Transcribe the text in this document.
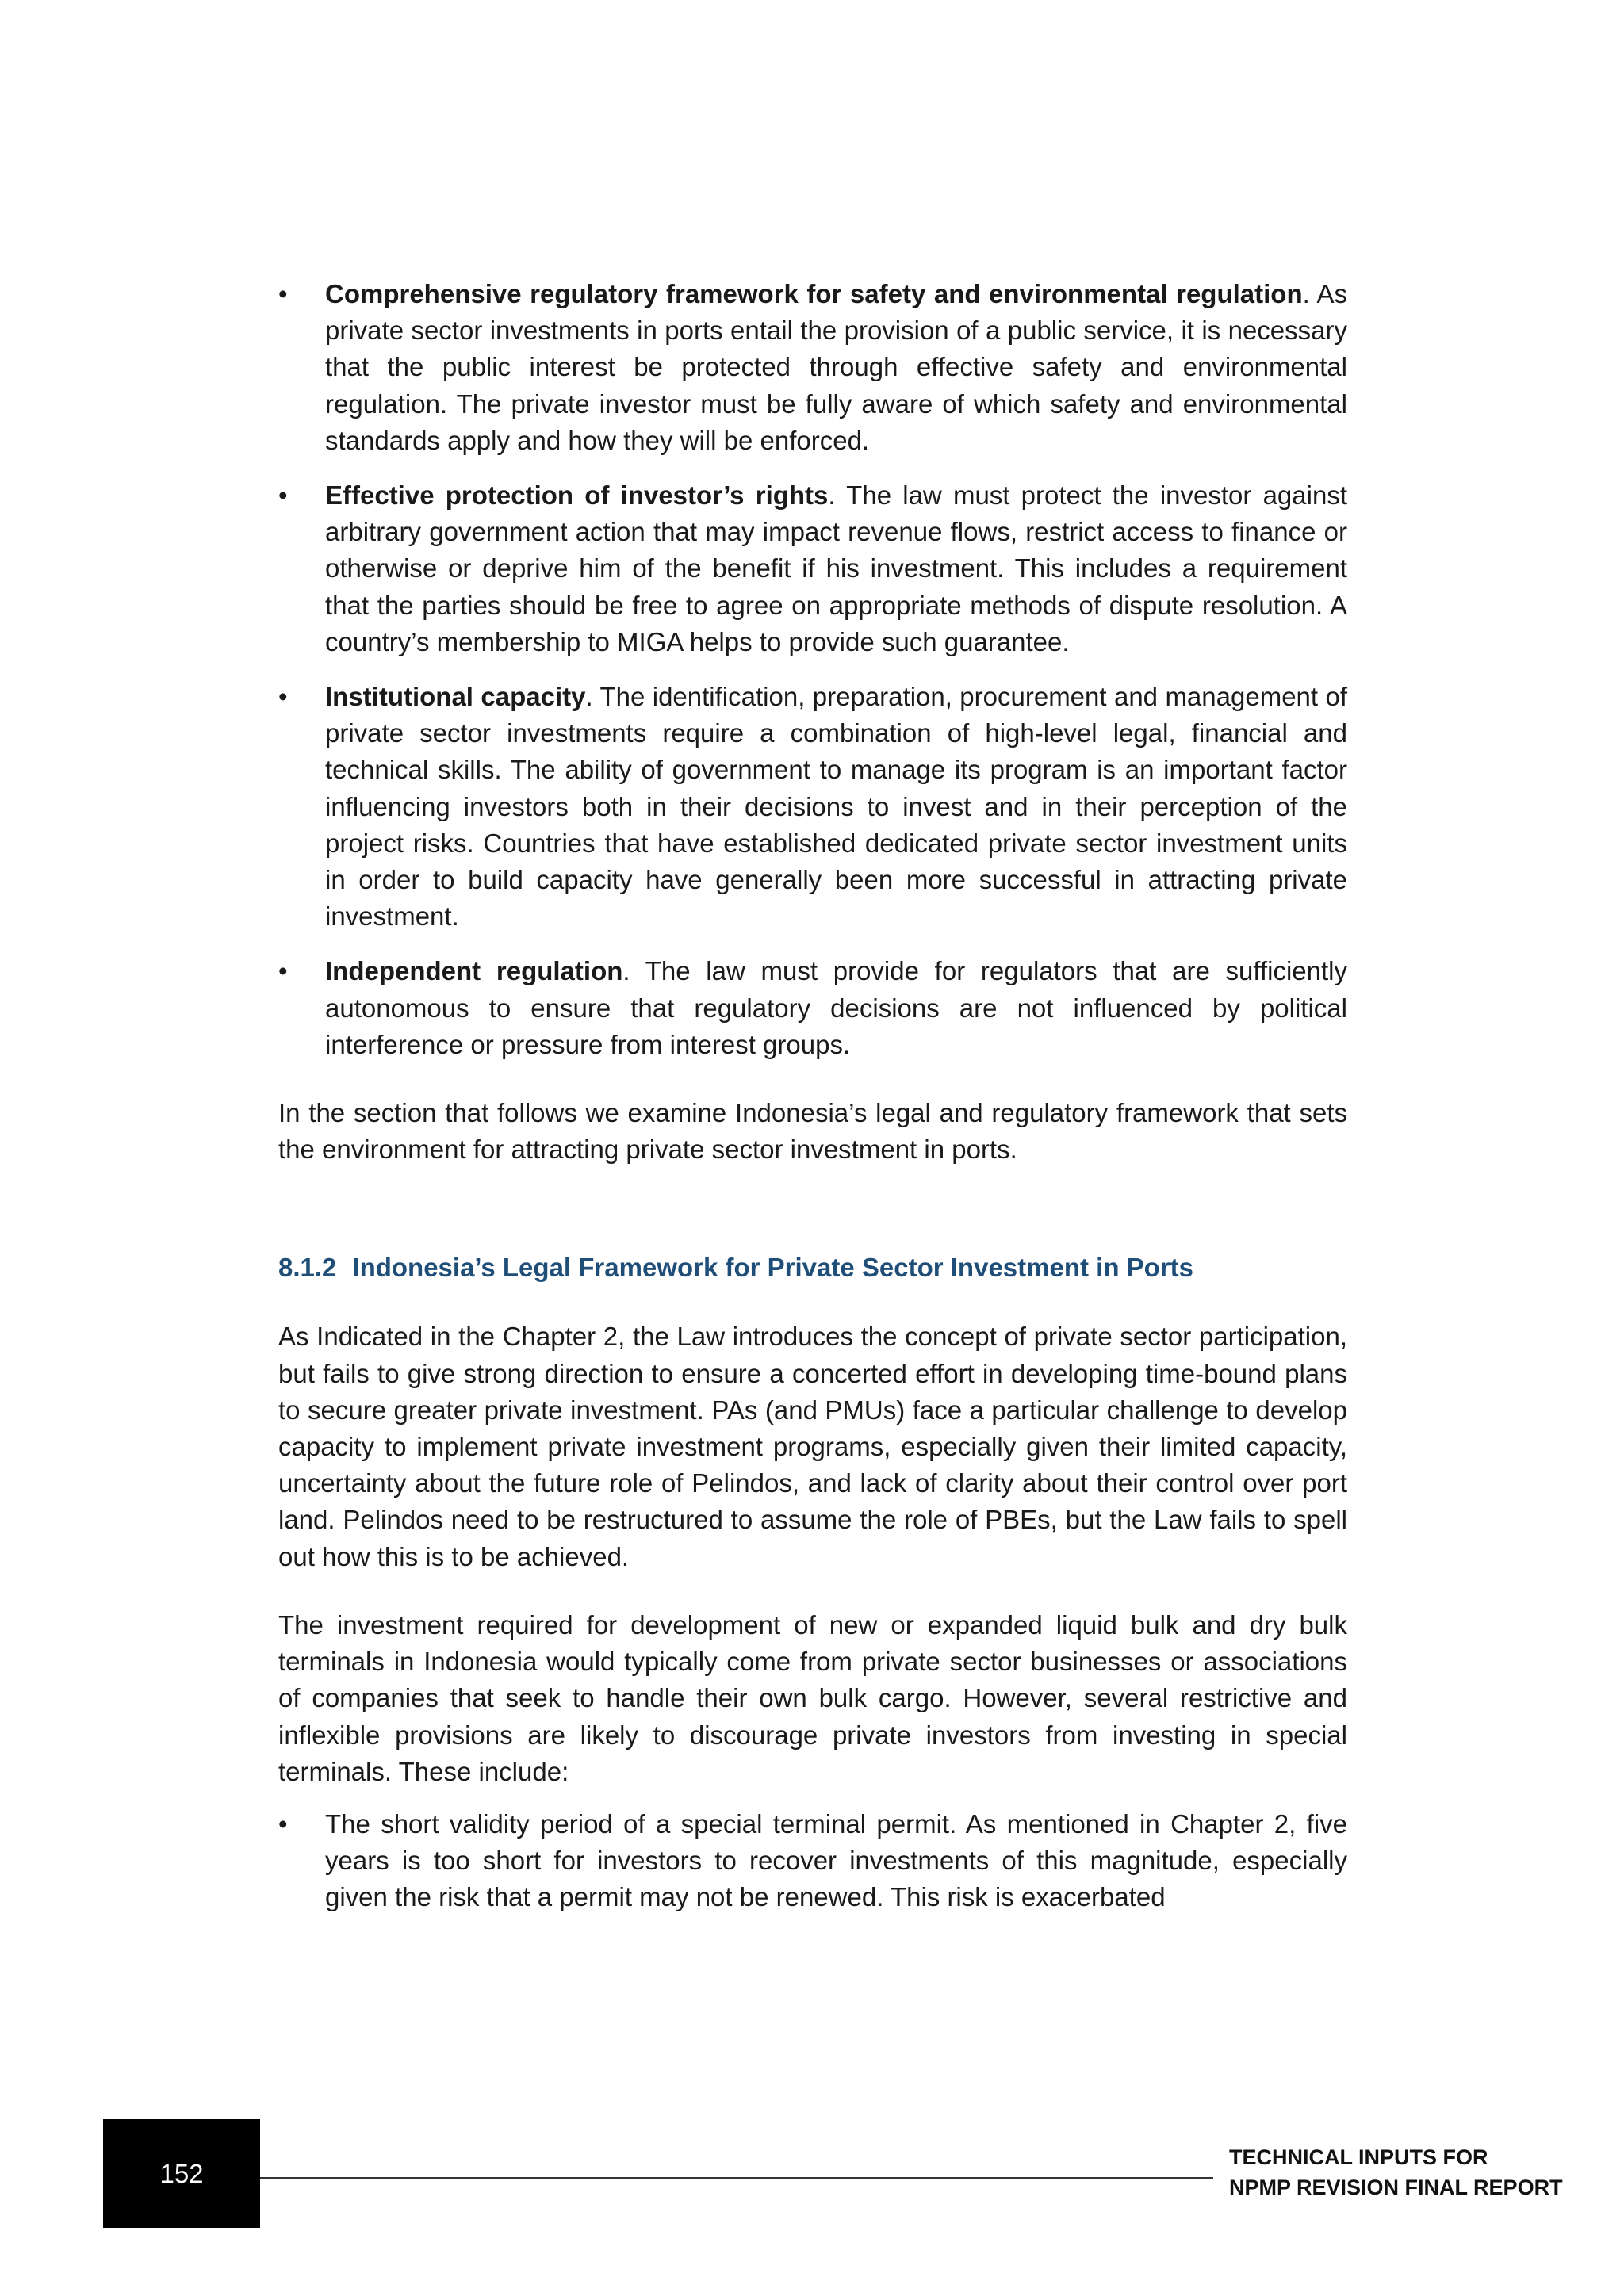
• Comprehensive regulatory framework for safety and environmental regulation. As private sector investments in ports entail the provision of a public service, it is necessary that the public interest be protected through effective safety and environmental regulation. The private investor must be fully aware of which safety and environmental standards apply and how they will be enforced.
• Effective protection of investor’s rights. The law must protect the investor against arbitrary government action that may impact revenue flows, restrict access to finance or otherwise or deprive him of the benefit if his investment. This includes a requirement that the parties should be free to agree on appropriate methods of dispute resolution. A country’s membership to MIGA helps to provide such guarantee.
• Institutional capacity. The identification, preparation, procurement and management of private sector investments require a combination of high-level legal, financial and technical skills. The ability of government to manage its program is an important factor influencing investors both in their decisions to invest and in their perception of the project risks. Countries that have established dedicated private sector investment units in order to build capacity have generally been more successful in attracting private investment.
• Independent regulation. The law must provide for regulators that are sufficiently autonomous to ensure that regulatory decisions are not influenced by political interference or pressure from interest groups.

In the section that follows we examine Indonesia’s legal and regulatory framework that sets the environment for attracting private sector investment in ports.

8.1.2 Indonesia’s Legal Framework for Private Sector Investment in Ports

As Indicated in the Chapter 2, the Law introduces the concept of private sector participation, but fails to give strong direction to ensure a concerted effort in developing time-bound plans to secure greater private investment. PAs (and PMUs) face a particular challenge to develop capacity to implement private investment programs, especially given their limited capacity, uncertainty about the future role of Pelindos, and lack of clarity about their control over port land. Pelindos need to be restructured to assume the role of PBEs, but the Law fails to spell out how this is to be achieved.

The investment required for development of new or expanded liquid bulk and dry bulk terminals in Indonesia would typically come from private sector businesses or associations of companies that seek to handle their own bulk cargo. However, several restrictive and inflexible provisions are likely to discourage private investors from investing in special terminals. These include:

• The short validity period of a special terminal permit. As mentioned in Chapter 2, five years is too short for investors to recover investments of this magnitude, especially given the risk that a permit may not be renewed. This risk is exacerbated
152
TECHNICAL INPUTS FOR
NPMP REVISION FINAL REPORT
